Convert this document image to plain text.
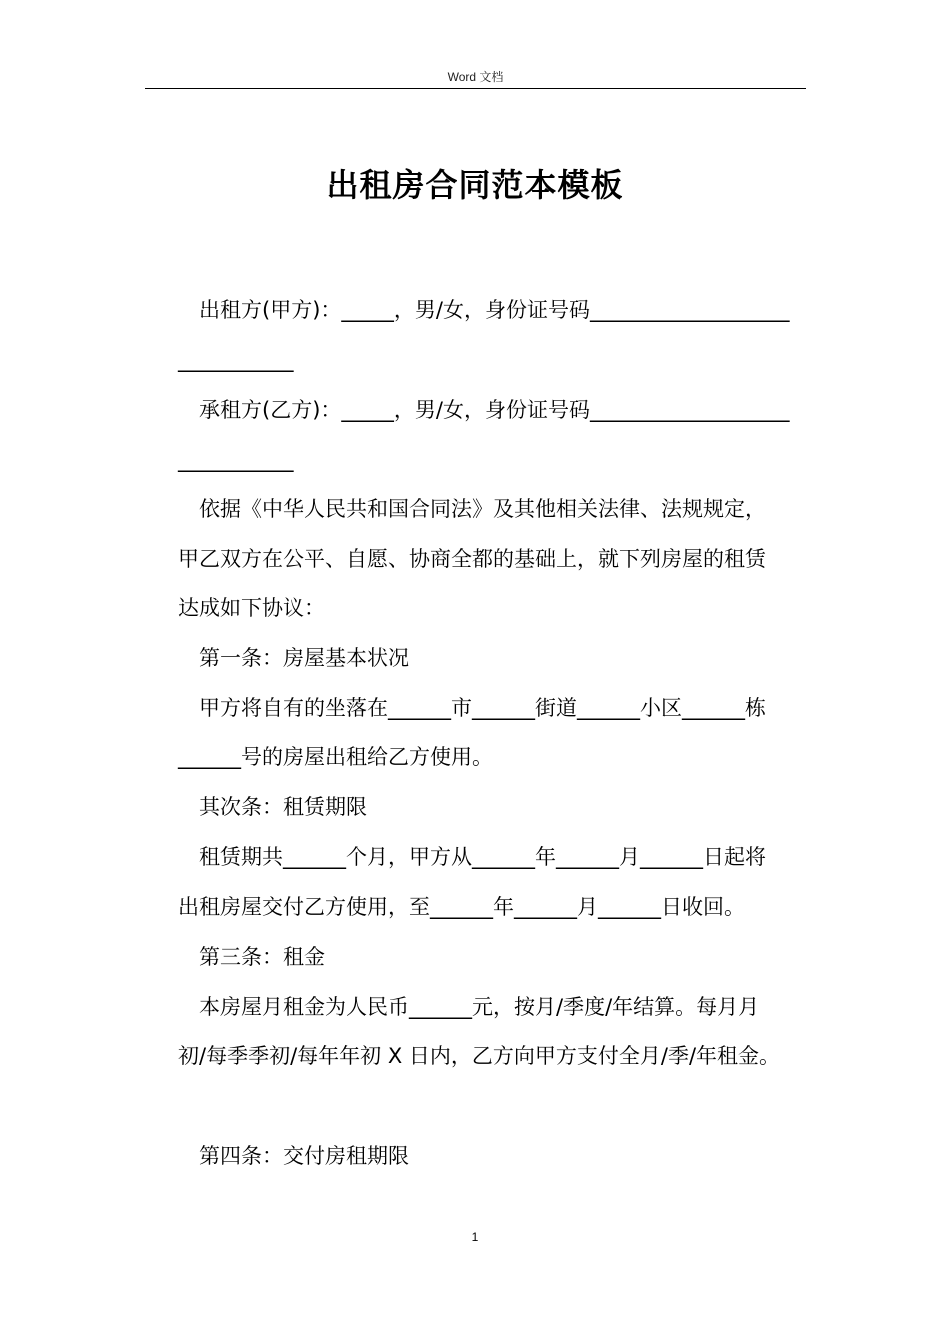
Word 文档
出租房合同范本模板
　出租方(甲方)：_____，男/女，身份证号码___________________
___________
　承租方(乙方)：_____，男/女，身份证号码___________________
___________
　依据《中华人民共和国合同法》及其他相关法律、法规规定，
甲乙双方在公平、自愿、协商全都的基础上，就下列房屋的租赁
达成如下协议：
　第一条：房屋基本状况
　甲方将自有的坐落在______市______街道______小区______栋
______号的房屋出租给乙方使用。
　其次条：租赁期限
　租赁期共______个月，甲方从______年______月______日起将
出租房屋交付乙方使用，至______年______月______日收回。
　第三条：租金
　本房屋月租金为人民币______元，按月/季度/年结算。每月月
初/每季季初/每年年初 X 日内，乙方向甲方支付全月/季/年租金。
　第四条：交付房租期限
1
